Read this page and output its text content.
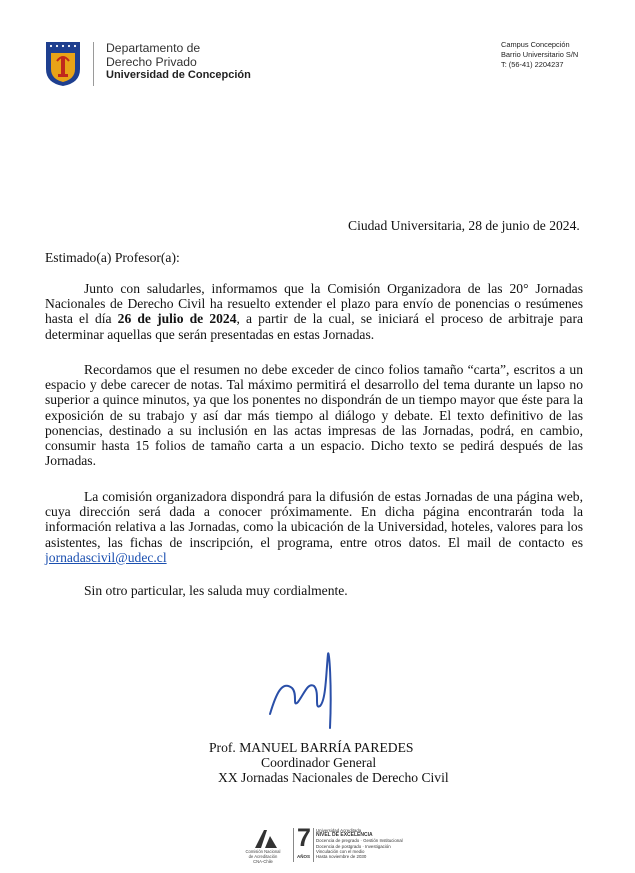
Departamento de
Derecho Privado
Universidad de Concepción
Campus Concepción
Barrio Universitario S/N
T: (56-41) 2204237
Ciudad Universitaria, 28 de junio de 2024.
Estimado(a) Profesor(a):
Junto con saludarles, informamos que la Comisión Organizadora de las 20° Jornadas Nacionales de Derecho Civil ha resuelto extender el plazo para envío de ponencias o resúmenes hasta el día 26 de julio de 2024, a partir de la cual, se iniciará el proceso de arbitraje para determinar aquellas que serán presentadas en estas Jornadas.
Recordamos que el resumen no debe exceder de cinco folios tamaño “carta”, escritos a un espacio y debe carecer de notas. Tal máximo permitirá el desarrollo del tema durante un lapso no superior a quince minutos, ya que los ponentes no dispondrán de un tiempo mayor que éste para la exposición de su trabajo y así dar más tiempo al diálogo y debate. El texto definitivo de las ponencias, destinado a su inclusión en las actas impresas de las Jornadas, podrá, en cambio, consumir hasta 15 folios de tamaño carta a un espacio. Dicho texto se pedirá después de las Jornadas.
La comisión organizadora dispondrá para la difusión de estas Jornadas de una página web, cuya dirección será dada a conocer próximamente. En dicha página encontrarán toda la información relativa a las Jornadas, como la ubicación de la Universidad, hoteles, valores para los asistentes, las fichas de inscripción, el programa, entre otros datos. El mail de contacto es jornadascivil@udec.cl
Sin otro particular, les saluda muy cordialmente.
Prof. MANUEL BARRÍA PAREDES
Coordinador General
XX Jornadas Nacionales de Derecho Civil
Comisión Nacional
de Acreditación
CNA-Chile
7
AÑOS
Universidad Acreditada
NIVEL DE EXCELENCIA
Docencia de pregrado · Gestión Institucional
Docencia de postgrado · Investigación
Vinculación con el medio
Hasta noviembre de 2030
